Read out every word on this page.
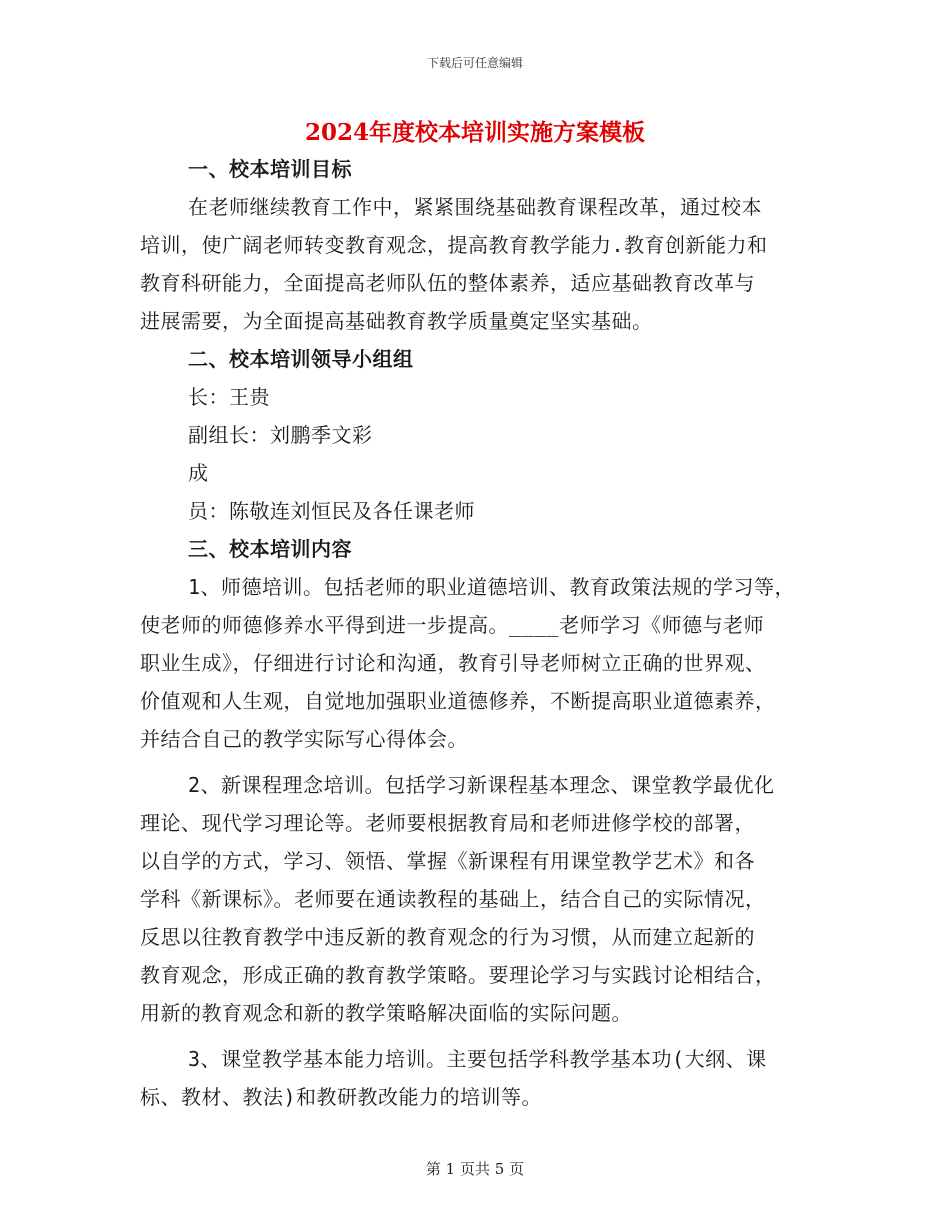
下载后可任意编辑
2024年度校本培训实施方案模板
一、校本培训目标
在老师继续教育工作中，紧紧围绕基础教育课程改革，通过校本
培训，使广阔老师转变教育观念，提高教育教学能力.教育创新能力和
教育科研能力，全面提高老师队伍的整体素养，适应基础教育改革与
进展需要，为全面提高基础教育教学质量奠定坚实基础。
二、校本培训领导小组组
长：王贵
副组长：刘鹏季文彩
成
员：陈敬连刘恒民及各任课老师
三、校本培训内容
1、师德培训。包括老师的职业道德培训、教育政策法规的学习等，
使老师的师德修养水平得到进一步提高。____老师学习《师德与老师
职业生成》，仔细进行讨论和沟通，教育引导老师树立正确的世界观、
价值观和人生观，自觉地加强职业道德修养，不断提高职业道德素养，
并结合自己的教学实际写心得体会。
2、新课程理念培训。包括学习新课程基本理念、课堂教学最优化
理论、现代学习理论等。老师要根据教育局和老师进修学校的部署，
以自学的方式，学习、领悟、掌握《新课程有用课堂教学艺术》和各
学科《新课标》。老师要在通读教程的基础上，结合自己的实际情况，
反思以往教育教学中违反新的教育观念的行为习惯，从而建立起新的
教育观念，形成正确的教育教学策略。要理论学习与实践讨论相结合，
用新的教育观念和新的教学策略解决面临的实际问题。
3、课堂教学基本能力培训。主要包括学科教学基本功(大纲、课
标、教材、教法)和教研教改能力的培训等。
第 1 页共 5 页
